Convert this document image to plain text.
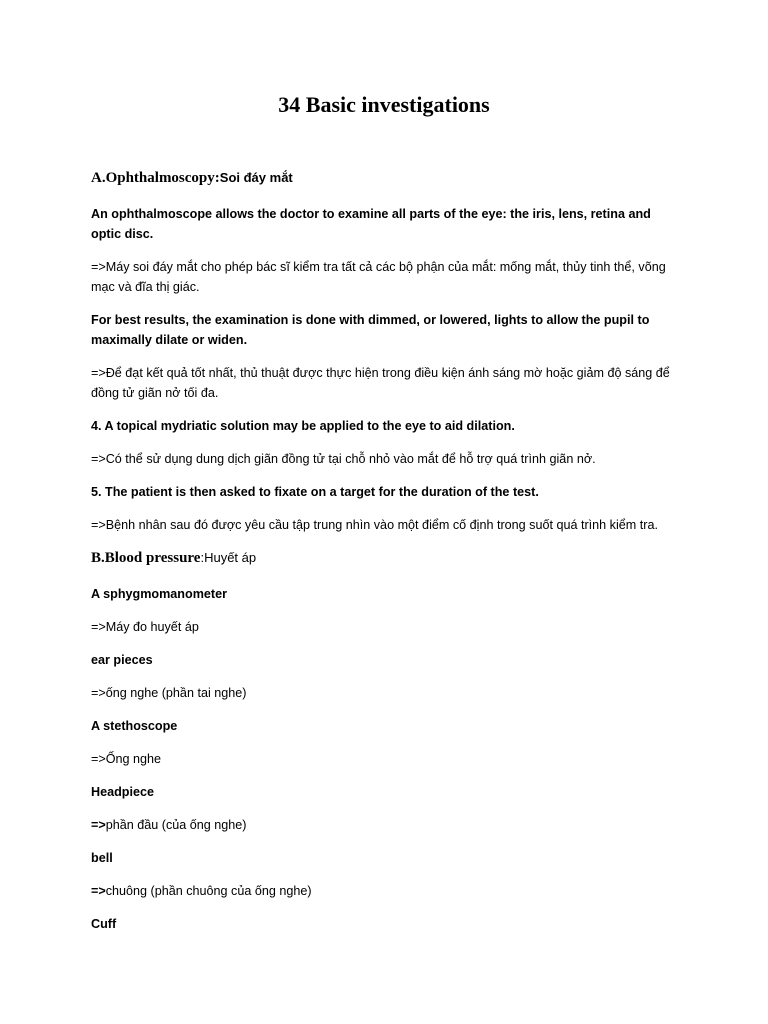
34 Basic investigations
A.Ophthalmoscopy:Soi đáy mắt

An ophthalmoscope allows the doctor to examine all parts of the eye: the iris, lens, retina and optic disc.

=>Máy soi đáy mắt cho phép bác sĩ kiểm tra tất cả các bộ phận của mắt: mống mắt, thủy tinh thể, võng mạc và đĩa thị giác.

For best results, the examination is done with dimmed, or lowered, lights to allow the pupil to maximally dilate or widen.

=>Để đạt kết quả tốt nhất, thủ thuật được thực hiện trong điều kiện ánh sáng mờ hoặc giảm độ sáng để đồng tử giãn nở tối đa.

4. A topical mydriatic solution may be applied to the eye to aid dilation.

=>Có thể sử dụng dung dịch giãn đồng tử tại chỗ nhỏ vào mắt để hỗ trợ quá trình giãn nở.

5. The patient is then asked to fixate on a target for the duration of the test.

=>Bệnh nhân sau đó được yêu cầu tập trung nhìn vào một điểm cố định trong suốt quá trình kiểm tra.

B.Blood pressure:Huyết áp

A sphygmomanometer

=>Máy đo huyết áp

ear pieces

=>ống nghe (phần tai nghe)

A stethoscope

=>Ống nghe

Headpiece

=>phần đầu (của ống nghe)

bell

=>chuông (phần chuông của ống nghe)

Cuff
